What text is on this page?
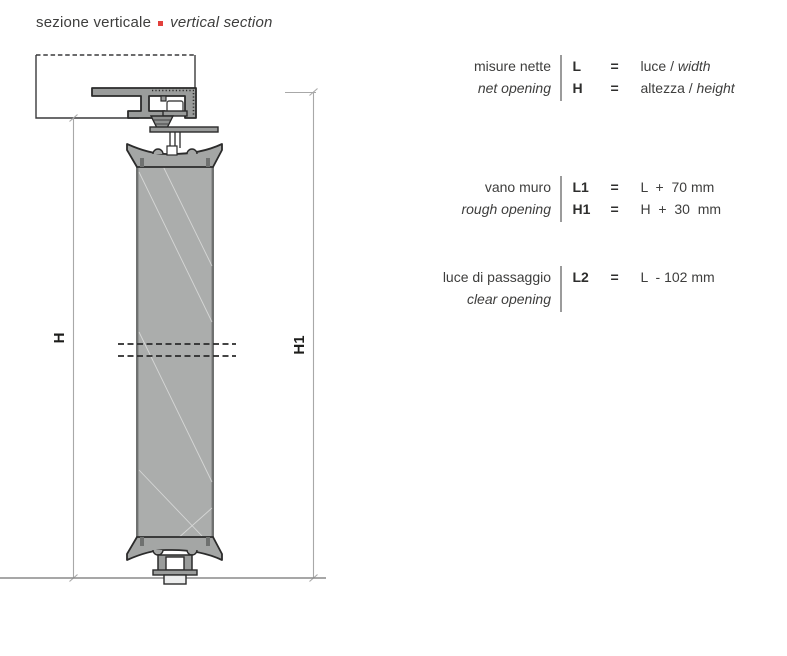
sezione verticale vertical section
H	H1
misure nette
net opening
L	=	luce / width
H	=	altezza / height
vano muro
rough opening
L1	=	L  +  70 mm
H1	=	H  +  30  mm
luce di passaggio
clear opening
L2	=	L  - 102 mm
